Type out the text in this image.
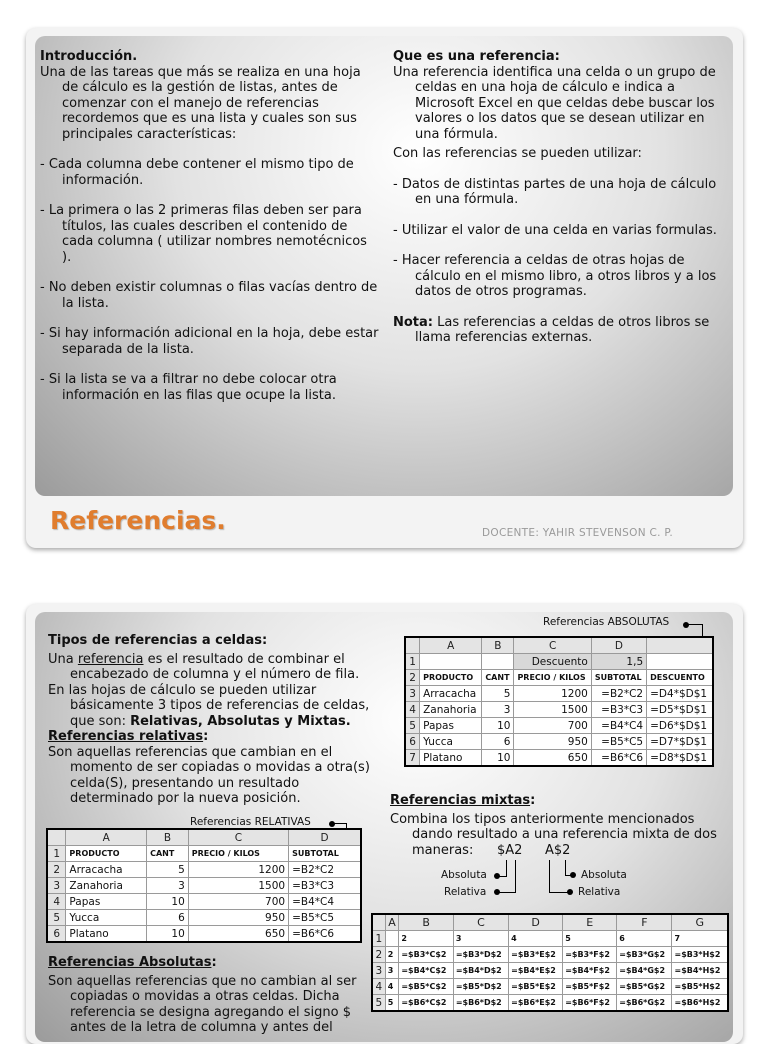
Introducción.

Una de las tareas que más se realiza en una hoja de cálculo es la gestión de listas, antes de comenzar con el manejo de referencias recordemos que es una lista y cuales son sus principales características:

- Cada columna debe contener el mismo tipo de información.

- La primera o las 2 primeras filas deben ser para títulos, las cuales describen el contenido de cada columna ( utilizar nombres nemotécnicos ).

- No deben existir columnas o filas vacías dentro de la lista.

- Si hay información adicional en la hoja, debe estar separada de la lista.

- Si la lista se va a filtrar no debe colocar otra información en las filas que ocupe la lista.

Que es una referencia:

Una referencia identifica una celda o un grupo de celdas en una hoja de cálculo e indica a Microsoft Excel en que celdas debe buscar los valores o los datos que se desean utilizar en una fórmula.

Con las referencias se pueden utilizar:

- Datos de distintas partes de una hoja de cálculo en una fórmula.

- Utilizar el valor de una celda en varias formulas.

- Hacer referencia a celdas de otras hojas de cálculo en el mismo libro, a otros libros y a los datos de otros programas.

Nota: Las referencias a celdas de otros libros se llama referencias externas.

Referencias.	DOCENTE: YAHIR STEVENSON C. P.
Tipos de referencias a celdas:

Una referencia es el resultado de combinar el encabezado de columna y el número de fila.

En las hojas de cálculo se pueden utilizar básicamente 3 tipos de referencias de celdas, que son: Relativas, Absolutas y Mixtas.

Referencias relativas:

Son aquellas referencias que cambian en el momento de ser copiadas o movidas a otra(s) celda(S), presentando un resultado determinado por la nueva posición.

Referencias RELATIVAS
	A	B	C	D
1	PRODUCTO	CANT	PRECIO / KILOS	SUBTOTAL
2	Arracacha	5	1200	=B2*C2
3	Zanahoria	3	1500	=B3*C3
4	Papas	10	700	=B4*C4
5	Yucca	6	950	=B5*C5
6	Platano	10	650	=B6*C6
Referencias Absolutas:

Son aquellas referencias que no cambian al ser copiadas o movidas a otras celdas. Dicha referencia se designa agregando el signo $ antes de la letra de columna y antes del

Referencias ABSOLUTAS
	A	B	C	D	
1			Descuento	1,5	
2	PRODUCTO	CANT	PRECIO / KILOS	SUBTOTAL	DESCUENTO
3	Arracacha	5	1200	=B2*C2	=D4*$D$1
4	Zanahoria	3	1500	=B3*C3	=D5*$D$1
5	Papas	10	700	=B4*C4	=D6*$D$1
6	Yucca	6	950	=B5*C5	=D7*$D$1
7	Platano	10	650	=B6*C6	=D8*$D$1
Referencias mixtas:

Combina los tipos anteriormente mencionados dando resultado a una referencia mixta de dos maneras:	$A2 A$2
Absoluta
Relativa
Absoluta
Relativa
	A	B	C	D	E	F	G
1		2	3	4	5	6	7
2	2	=$B3*C$2	=$B3*D$2	=$B3*E$2	=$B3*F$2	=$B3*G$2	=$B3*H$2
3	3	=$B4*C$2	=$B4*D$2	=$B4*E$2	=$B4*F$2	=$B4*G$2	=$B4*H$2
4	4	=$B5*C$2	=$B5*D$2	=$B5*E$2	=$B5*F$2	=$B5*G$2	=$B5*H$2
5	5	=$B6*C$2	=$B6*D$2	=$B6*E$2	=$B6*F$2	=$B6*G$2	=$B6*H$2
